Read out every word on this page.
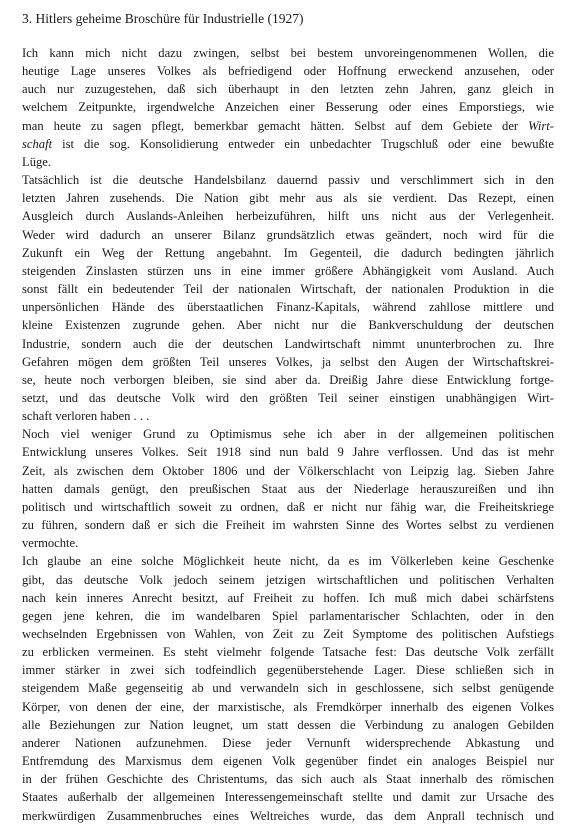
3. Hitlers geheime Broschüre für Industrielle (1927)

Ich kann mich nicht dazu zwingen, selbst bei bestem unvoreingenommenen Wollen, die
heutige Lage unseres Volkes als befriedigend oder Hoffnung erweckend anzusehen, oder
auch nur zuzugestehen, daß sich überhaupt in den letzten zehn Jahren, ganz gleich in
welchem Zeitpunkte, irgendwelche Anzeichen einer Besserung oder eines Emporstiegs, wie
man heute zu sagen pflegt, bemerkbar gemacht hätten. Selbst auf dem Gebiete der Wirt-
schaft ist die sog. Konsolidierung entweder ein unbedachter Trugschluß oder eine bewußte
Lüge.

Tatsächlich ist die deutsche Handelsbilanz dauernd passiv und verschlimmert sich in den
letzten Jahren zusehends. Die Nation gibt mehr aus als sie verdient. Das Rezept, einen
Ausgleich durch Auslands-Anleihen herbeizuführen, hilft uns nicht aus der Verlegenheit.
Weder wird dadurch an unserer Bilanz grundsätzlich etwas geändert, noch wird für die
Zukunft ein Weg der Rettung angebahnt. Im Gegenteil, die dadurch bedingten jährlich
steigenden Zinslasten stürzen uns in eine immer größere Abhängigkeit vom Ausland. Auch
sonst fällt ein bedeutender Teil der nationalen Wirtschaft, der nationalen Produktion in die
unpersönlichen Hände des überstaatlichen Finanz-Kapitals, während zahllose mittlere und
kleine Existenzen zugrunde gehen. Aber nicht nur die Bankverschuldung der deutschen
Industrie, sondern auch die der deutschen Landwirtschaft nimmt ununterbrochen zu. Ihre
Gefahren mögen dem größten Teil unseres Volkes, ja selbst den Augen der Wirtschaftskrei-
se, heute noch verborgen bleiben, sie sind aber da. Dreißig Jahre diese Entwicklung fortge-
setzt, und das deutsche Volk wird den größten Teil seiner einstigen unabhängigen Wirt-
schaft verloren haben . . .

Noch viel weniger Grund zu Optimismus sehe ich aber in der allgemeinen politischen
Entwicklung unseres Volkes. Seit 1918 sind nun bald 9 Jahre verflossen. Und das ist mehr
Zeit, als zwischen dem Oktober 1806 und der Völkerschlacht von Leipzig lag. Sieben Jahre
hatten damals genügt, den preußischen Staat aus der Niederlage herauszureißen und ihn
politisch und wirtschaftlich soweit zu ordnen, daß er nicht nur fähig war, die Freiheitskriege
zu führen, sondern daß er sich die Freiheit im wahrsten Sinne des Wortes selbst zu verdienen
vermochte.

Ich glaube an eine solche Möglichkeit heute nicht, da es im Völkerleben keine Geschenke
gibt, das deutsche Volk jedoch seinem jetzigen wirtschaftlichen und politischen Verhalten
nach kein inneres Anrecht besitzt, auf Freiheit zu hoffen. Ich muß mich dabei schärfstens
gegen jene kehren, die im wandelbaren Spiel parlamentarischer Schlachten, oder in den
wechselnden Ergebnissen von Wahlen, von Zeit zu Zeit Symptome des politischen Aufstiegs
zu erblicken vermeinen. Es steht vielmehr folgende Tatsache fest: Das deutsche Volk zerfällt
immer stärker in zwei sich todfeindlich gegenüberstehende Lager. Diese schließen sich in
steigendem Maße gegenseitig ab und verwandeln sich in geschlossene, sich selbst genügende
Körper, von denen der eine, der marxistische, als Fremdkörper innerhalb des eigenen Volkes
alle Beziehungen zur Nation leugnet, um statt dessen die Verbindung zu analogen Gebilden
anderer Nationen aufzunehmen. Diese jeder Vernunft widersprechende Abkastung und
Entfremdung des Marxismus dem eigenen Volk gegenüber findet ein analoges Beispiel nur
in der frühen Geschichte des Christentums, das sich auch als Staat innerhalb des römischen
Staates außerhalb der allgemeinen Interessengemeinschaft stellte und damit zur Ursache des
merkwürdigen Zusammenbruches eines Weltreiches wurde, das dem Anprall technisch und
